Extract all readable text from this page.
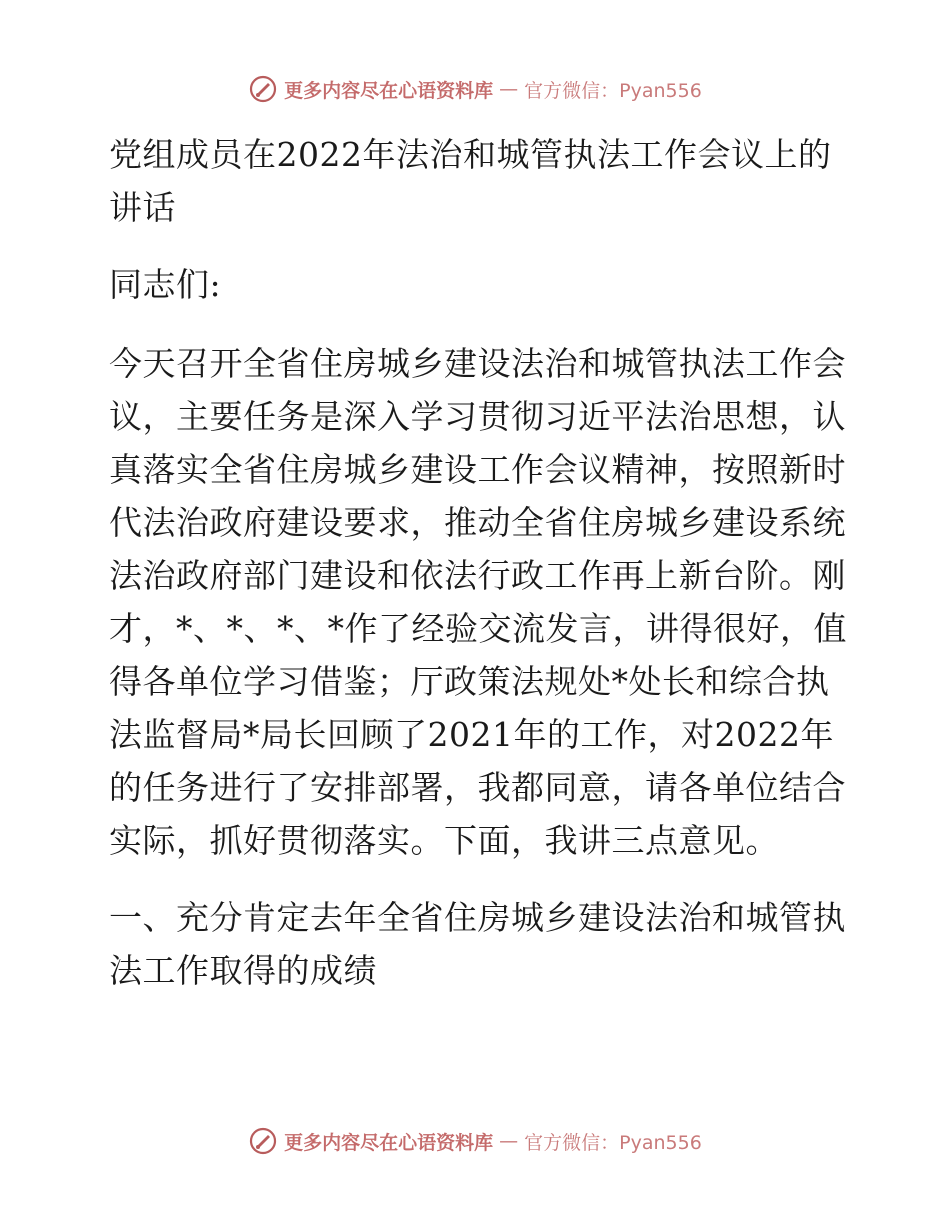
更多内容尽在心语资料库 — 官方微信：Pyan556

党组成员在2022年法治和城管执法工作会议上的讲话

同志们:

今天召开全省住房城乡建设法治和城管执法工作会议，主要任务是深入学习贯彻习近平法治思想，认真落实全省住房城乡建设工作会议精神，按照新时代法治政府建设要求，推动全省住房城乡建设系统法治政府部门建设和依法行政工作再上新台阶。刚才，*、*、*、*作了经验交流发言，讲得很好，值得各单位学习借鉴；厅政策法规处*处长和综合执法监督局*局长回顾了2021年的工作，对2022年的任务进行了安排部署，我都同意，请各单位结合实际，抓好贯彻落实。下面，我讲三点意见。

一、充分肯定去年全省住房城乡建设法治和城管执法工作取得的成绩

更多内容尽在心语资料库 — 官方微信：Pyan556
